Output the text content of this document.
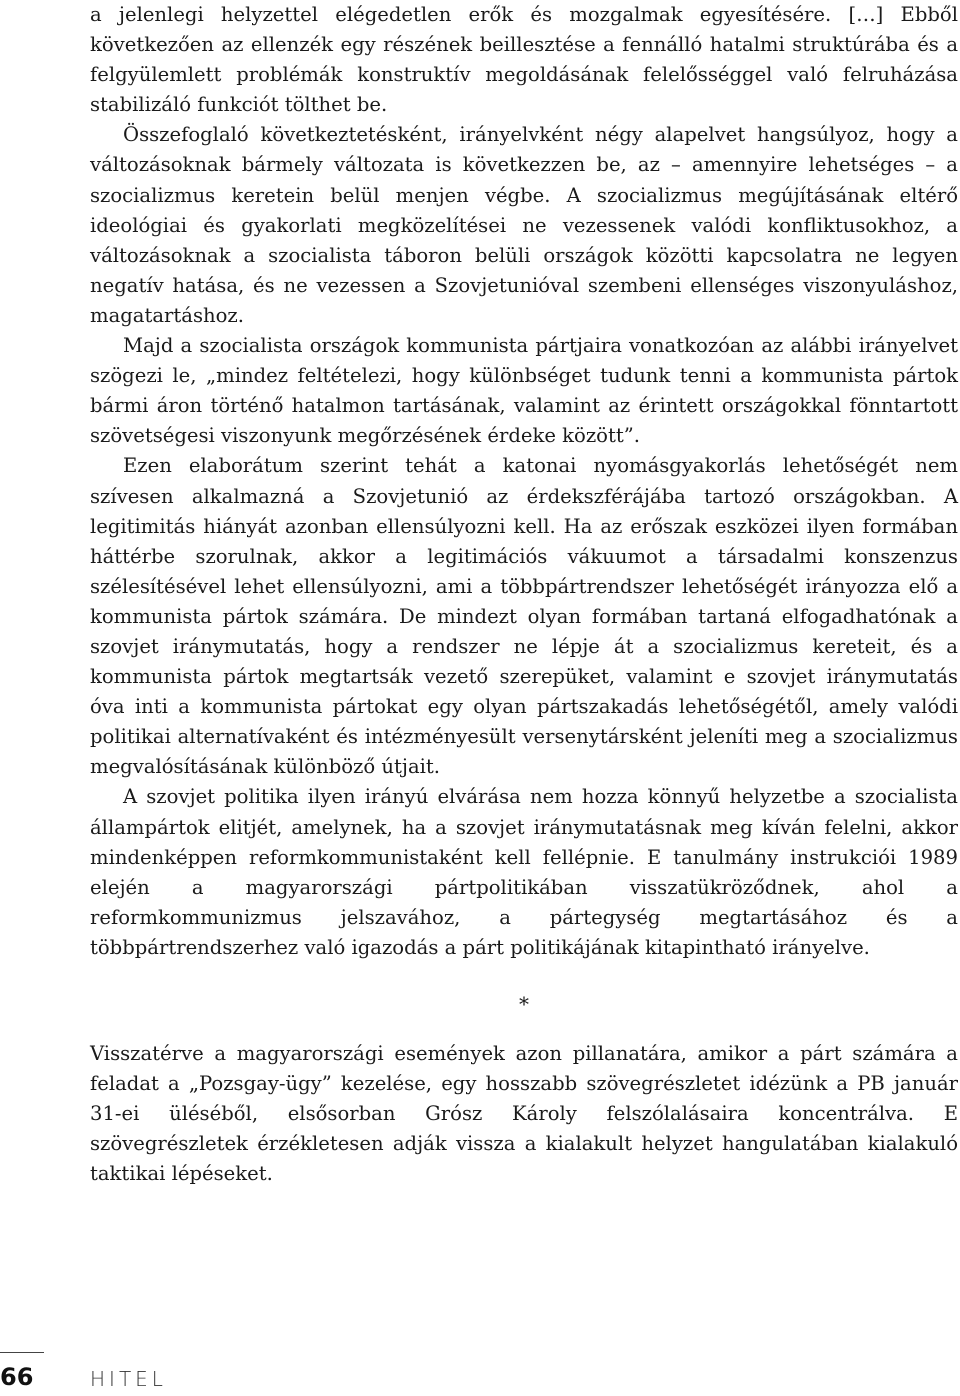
a jelenlegi helyzettel elégedetlen erők és mozgalmak egyesítésére. […] Ebből következően az ellenzék egy részének beillesztése a fennálló hatalmi struktúrába és a felgyülemlett problémák konstruktív megoldásának felelősséggel való felruházása stabilizáló funkciót tölthet be.

Összefoglaló következtetésként, irányelvként négy alapelvet hangsúlyoz, hogy a változásoknak bármely változata is következzen be, az – amennyire lehetséges – a szocializmus keretein belül menjen végbe. A szocializmus megújításának eltérő ideológiai és gyakorlati megközelítései ne vezessenek valódi konfliktusokhoz, a változásoknak a szocialista táboron belüli országok közötti kapcsolatra ne legyen negatív hatása, és ne vezessen a Szovjetunióval szembeni ellenséges viszonyuláshoz, magatartáshoz.

Majd a szocialista országok kommunista pártjaira vonatkozóan az alábbi irányelvet szögezi le, „mindez feltételezi, hogy különbséget tudunk tenni a kommunista pártok bármi áron történő hatalmon tartásának, valamint az érintett országokkal fönntartott szövetségesi viszonyunk megőrzésének érdeke között”.

Ezen elaborátum szerint tehát a katonai nyomásgyakorlás lehetőségét nem szívesen alkalmazná a Szovjetunió az érdekszférájába tartozó országokban. A legitimitás hiányát azonban ellensúlyozni kell. Ha az erőszak eszközei ilyen formában háttérbe szorulnak, akkor a legitimációs vákuumot a társadalmi konszenzus szélesítésével lehet ellensúlyozni, ami a többpártrendszer lehetőségét irányozza elő a kommunista pártok számára. De mindezt olyan formában tartaná elfogadhatónak a szovjet iránymutatás, hogy a rendszer ne lépje át a szocializmus kereteit, és a kommunista pártok megtartsák vezető szerepüket, valamint e szovjet iránymutatás óva inti a kommunista pártokat egy olyan pártszakadás lehetőségétől, amely valódi politikai alternatívaként és intézményesült versenytársként jeleníti meg a szocializmus megvalósításának különböző útjait.

A szovjet politika ilyen irányú elvárása nem hozza könnyű helyzetbe a szocialista állampártok elitjét, amelynek, ha a szovjet iránymutatásnak meg kíván felelni, akkor mindenképpen reformkommunistaként kell fellépnie. E tanulmány instrukciói 1989 elején a magyarországi pártpolitikában visszatükröződnek, ahol a reformkommunizmus jelszavához, a pártegység megtartásához és a többpártrendszerhez való igazodás a párt politikájának kitapintható irányelve.

*

Visszatérve a magyarországi események azon pillanatára, amikor a párt számára a feladat a „Pozsgay-ügy” kezelése, egy hosszabb szövegrészletet idézünk a PB január 31-ei üléséből, elsősorban Grósz Károly felszólalásaira koncentrálva. E szövegrészletek érzékletesen adják vissza a kialakult helyzet hangulatában kialakuló taktikai lépéseket.

66	HITEL
